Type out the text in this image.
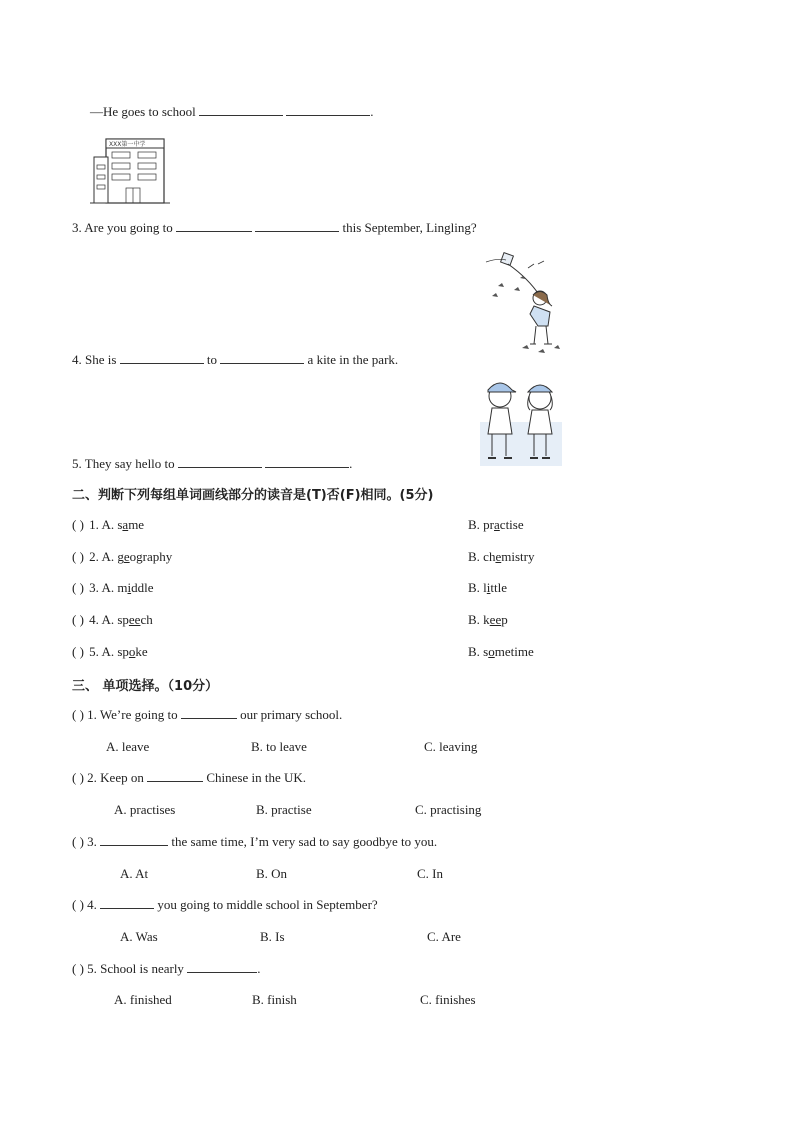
—He goes to school	.
XXX第一中学
3. Are you going to	this September, Lingling?
4. She is	to	a kite in the park.
5. They say hello to	.
二、判断下列每组单词画线部分的读音是(T)否(F)相同。(5分)
( ) 1. A. same	B. practise
( ) 2. A. geography	B. chemistry
( ) 3. A. middle	B. little
( ) 4. A. speech	B. keep
( ) 5. A. spoke	B. sometime
三、 单项选择。（10分）
( ) 1. We’re going to	our primary school.
A. leave	B. to leave	C. leaving
( ) 2. Keep on	Chinese in the UK.
A. practises	B. practise	C. practising
( ) 3.	the same time, I’m very sad to say goodbye to you.
A. At	B. On	C. In
( ) 4.	you going to middle school in September?
A. Was	B. Is	C. Are
( ) 5. School is nearly	.
A. finished	B. finish	C. finishes
